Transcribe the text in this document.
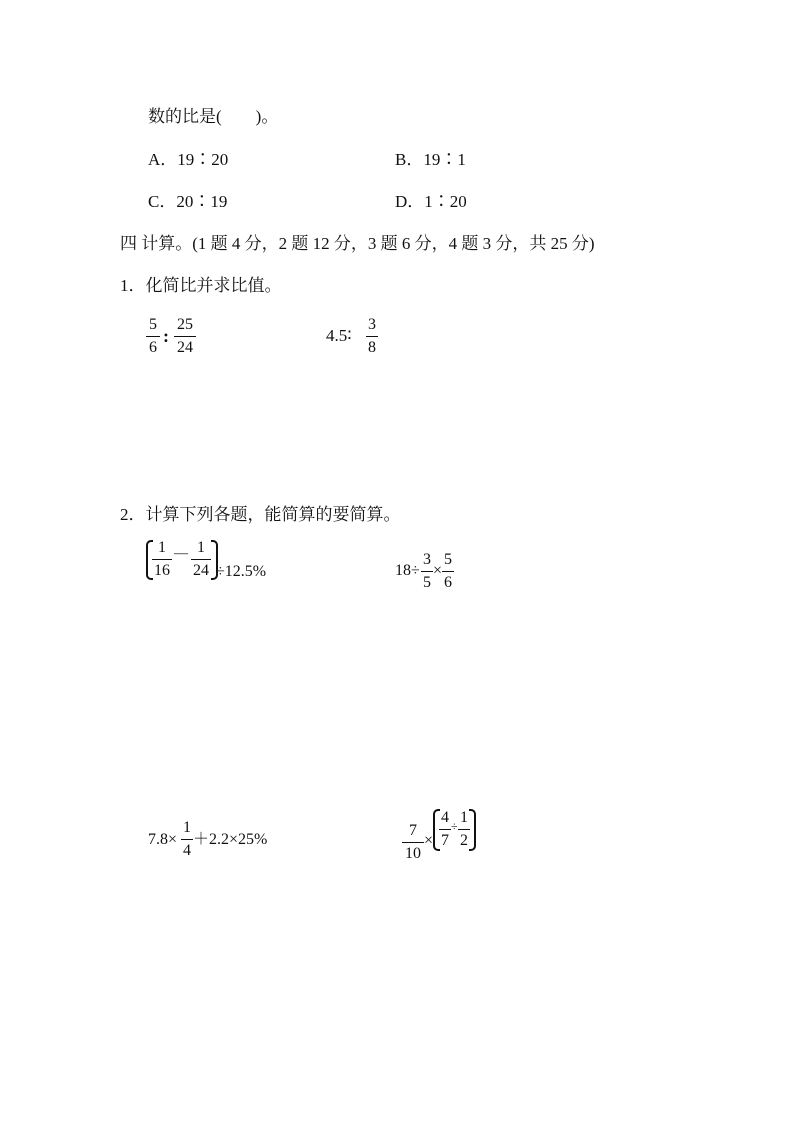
数的比是(　　)。
A．19∶20	B．19∶1
C．20∶19	D．1∶20
四 计算。(1 题 4 分，2 题 12 分，3 题 6 分，4 题 3 分，共 25 分)
1．化简比并求比值。
5
6
:
25
24
4.5∶
3
8
2．计算下列各题，能简算的要简算。
1
16
— 1
24 ÷12.5%	18÷
3
5
×
5
6
7.8×
1
4
＋2.2×25%
7
10
×
4
7
÷ 1
2
